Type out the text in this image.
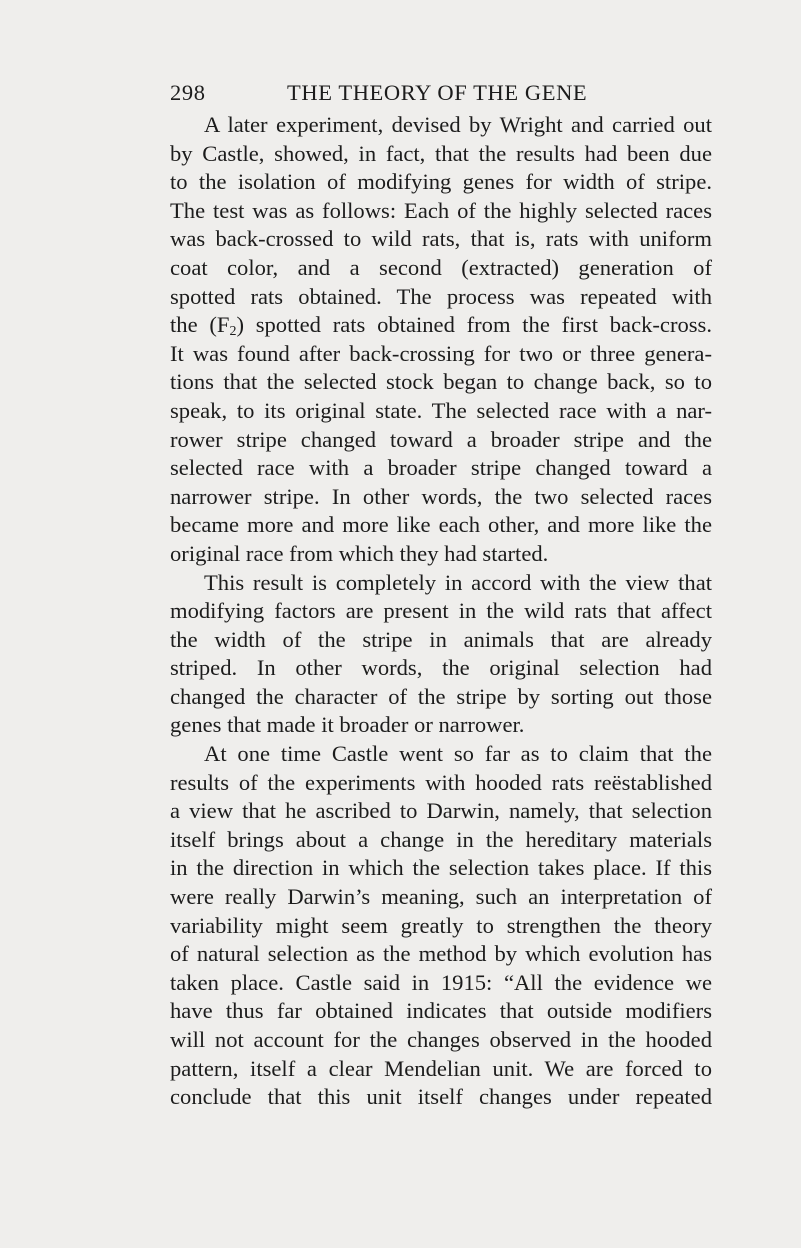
298	THE THEORY OF THE GENE
A later experiment, devised by Wright and carried out
by Castle, showed, in fact, that the results had been due
to the isolation of modifying genes for width of stripe.
The test was as follows: Each of the highly selected races
was back-crossed to wild rats, that is, rats with uniform
coat color, and a second (extracted) generation of
spotted rats obtained. The process was repeated with
the $(F_2)$ spotted rats obtained from the first back-cross.
It was found after back-crossing for two or three genera-
tions that the selected stock began to change back, so to
speak, to its original state. The selected race with a nar-
rower stripe changed toward a broader stripe and the
selected race with a broader stripe changed toward a
narrower stripe. In other words, the two selected races
became more and more like each other, and more like the
original race from which they had started.
This result is completely in accord with the view that
modifying factors are present in the wild rats that affect
the width of the stripe in animals that are already
striped. In other words, the original selection had
changed the character of the stripe by sorting out those
genes that made it broader or narrower.
At one time Castle went so far as to claim that the
results of the experiments with hooded rats reëstablished
a view that he ascribed to Darwin, namely, that selection
itself brings about a change in the hereditary materials
in the direction in which the selection takes place. If this
were really Darwin’s meaning, such an interpretation of
variability might seem greatly to strengthen the theory
of natural selection as the method by which evolution has
taken place. Castle said in 1915: “All the evidence we
have thus far obtained indicates that outside modifiers
will not account for the changes observed in the hooded
pattern, itself a clear Mendelian unit. We are forced to
conclude that this unit itself changes under repeated
